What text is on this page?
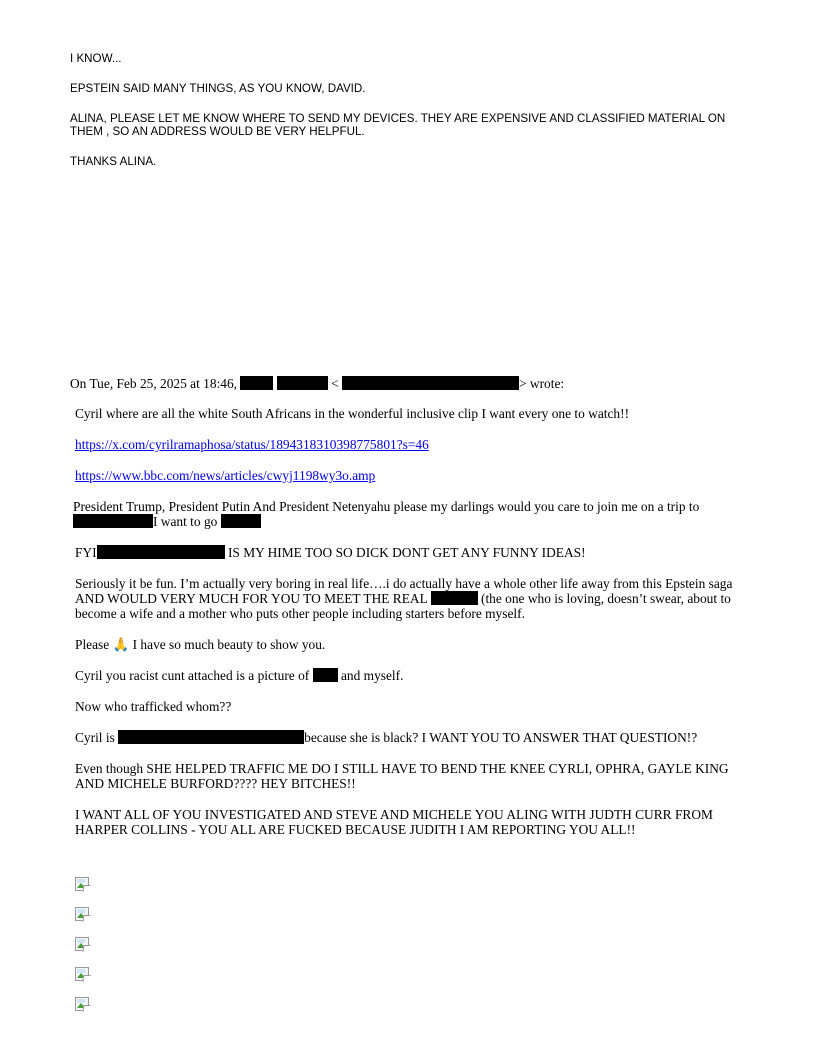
I KNOW...

EPSTEIN SAID MANY THINGS, AS YOU KNOW, DAVID.

ALINA, PLEASE LET ME KNOW WHERE TO SEND MY DEVICES. THEY ARE EXPENSIVE AND CLASSIFIED MATERIAL ON THEM , SO AN ADDRESS WOULD BE VERY HELPFUL.

THANKS ALINA.

On Tue, Feb 25, 2025 at 18:46,	<	> wrote:

Cyril where are all the white South Africans in the wonderful inclusive clip I want every one to watch!!

https://x.com/cyrilramaphosa/status/1894318310398775801?s=46

https://www.bbc.com/news/articles/cwyj1198wy3o.amp

President Trump, President Putin And President Netenyahu please my darlings would you care to join me on a trip to
I want to go

FYI	IS MY HIME TOO SO DICK DONT GET ANY FUNNY IDEAS!

Seriously it be fun. I’m actually very boring in real life….i do actually have a whole other life away from this Epstein saga AND WOULD VERY MUCH FOR YOU TO MEET THE REAL	(the one who is loving, doesn’t swear, about to become a wife and a mother who puts other people including starters before myself.

Please 🙏 I have so much beauty to show you.

Cyril you racist cunt attached is a picture of and myself.

Now who trafficked whom??

Cyril is	because she is black? I WANT YOU TO ANSWER THAT QUESTION!?

Even though SHE HELPED TRAFFIC ME DO I STILL HAVE TO BEND THE KNEE CYRLI, OPHRA, GAYLE KING AND MICHELE BURFORD???? HEY BITCHES!!

I WANT ALL OF YOU INVESTIGATED AND STEVE AND MICHELE YOU ALING WITH JUDTH CURR FROM HARPER COLLINS - YOU ALL ARE FUCKED BECAUSE JUDITH I AM REPORTING YOU ALL!!
